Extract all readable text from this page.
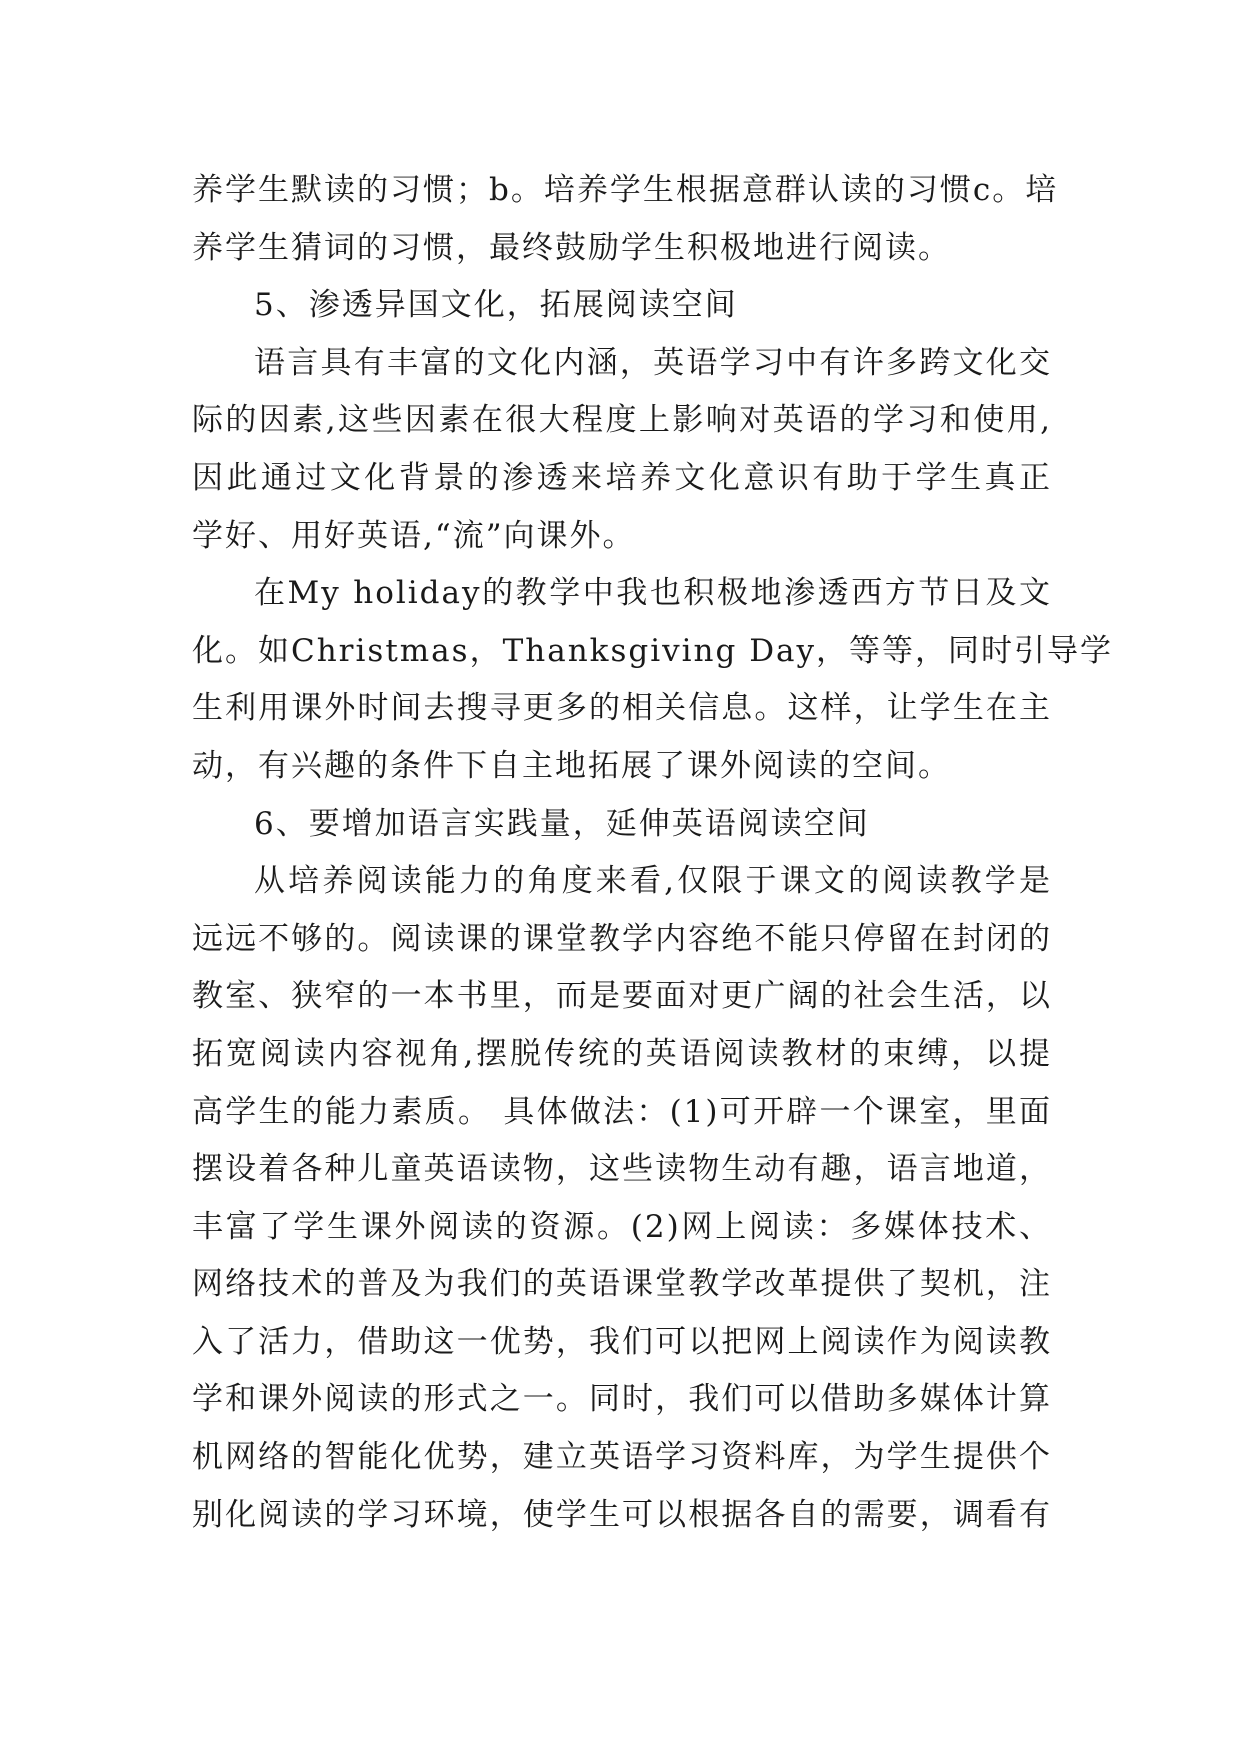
养学生默读的习惯；b。培养学生根据意群认读的习惯c。培
养学生猜词的习惯，最终鼓励学生积极地进行阅读。
5、渗透异国文化，拓展阅读空间
语言具有丰富的文化内涵，英语学习中有许多跨文化交
际的因素,这些因素在很大程度上影响对英语的学习和使用,
因此通过文化背景的渗透来培养文化意识有助于学生真正
学好、用好英语,“流”向课外。
在My holiday的教学中我也积极地渗透西方节日及文
化。如Christmas，Thanksgiving Day，等等，同时引导学
生利用课外时间去搜寻更多的相关信息。这样，让学生在主
动，有兴趣的条件下自主地拓展了课外阅读的空间。
6、要增加语言实践量，延伸英语阅读空间
从培养阅读能力的角度来看,仅限于课文的阅读教学是
远远不够的。阅读课的课堂教学内容绝不能只停留在封闭的
教室、狭窄的一本书里，而是要面对更广阔的社会生活，以
拓宽阅读内容视角,摆脱传统的英语阅读教材的束缚，以提
高学生的能力素质。 具体做法：(1)可开辟一个课室，里面
摆设着各种儿童英语读物，这些读物生动有趣，语言地道，
丰富了学生课外阅读的资源。(2)网上阅读：多媒体技术、
网络技术的普及为我们的英语课堂教学改革提供了契机，注
入了活力，借助这一优势，我们可以把网上阅读作为阅读教
学和课外阅读的形式之一。同时，我们可以借助多媒体计算
机网络的智能化优势，建立英语学习资料库，为学生提供个
别化阅读的学习环境，使学生可以根据各自的需要，调看有
